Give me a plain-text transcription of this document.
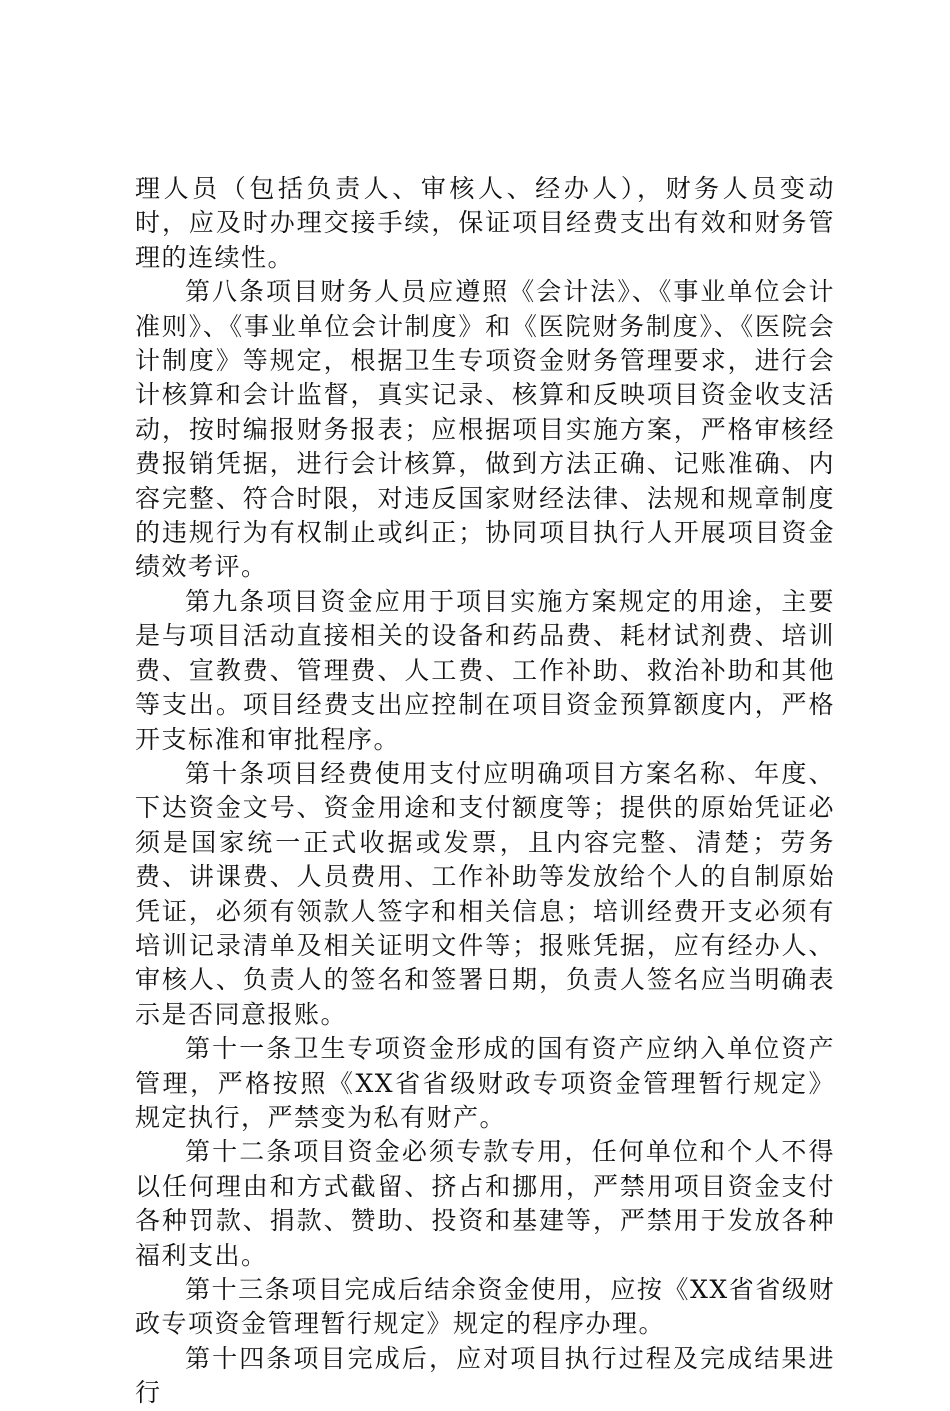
理人员（包括负责人、审核人、经办人），财务人员变动时，应及时办理交接手续，保证项目经费支出有效和财务管理的连续性。

第八条项目财务人员应遵照《会计法》、《事业单位会计准则》、《事业单位会计制度》和《医院财务制度》、《医院会计制度》等规定，根据卫生专项资金财务管理要求，进行会计核算和会计监督，真实记录、核算和反映项目资金收支活动，按时编报财务报表；应根据项目实施方案，严格审核经费报销凭据，进行会计核算，做到方法正确、记账准确、内容完整、符合时限，对违反国家财经法律、法规和规章制度的违规行为有权制止或纠正；协同项目执行人开展项目资金绩效考评。

第九条项目资金应用于项目实施方案规定的用途，主要是与项目活动直接相关的设备和药品费、耗材试剂费、培训费、宣教费、管理费、人工费、工作补助、救治补助和其他等支出。项目经费支出应控制在项目资金预算额度内，严格开支标准和审批程序。

第十条项目经费使用支付应明确项目方案名称、年度、下达资金文号、资金用途和支付额度等；提供的原始凭证必须是国家统一正式收据或发票，且内容完整、清楚；劳务费、讲课费、人员费用、工作补助等发放给个人的自制原始凭证，必须有领款人签字和相关信息；培训经费开支必须有培训记录清单及相关证明文件等；报账凭据，应有经办人、审核人、负责人的签名和签署日期，负责人签名应当明确表示是否同意报账。

第十一条卫生专项资金形成的国有资产应纳入单位资产管理，严格按照《XX省省级财政专项资金管理暂行规定》规定执行，严禁变为私有财产。

第十二条项目资金必须专款专用，任何单位和个人不得以任何理由和方式截留、挤占和挪用，严禁用项目资金支付各种罚款、捐款、赞助、投资和基建等，严禁用于发放各种福利支出。

第十三条项目完成后结余资金使用，应按《XX省省级财政专项资金管理暂行规定》规定的程序办理。

第十四条项目完成后，应对项目执行过程及完成结果进行
